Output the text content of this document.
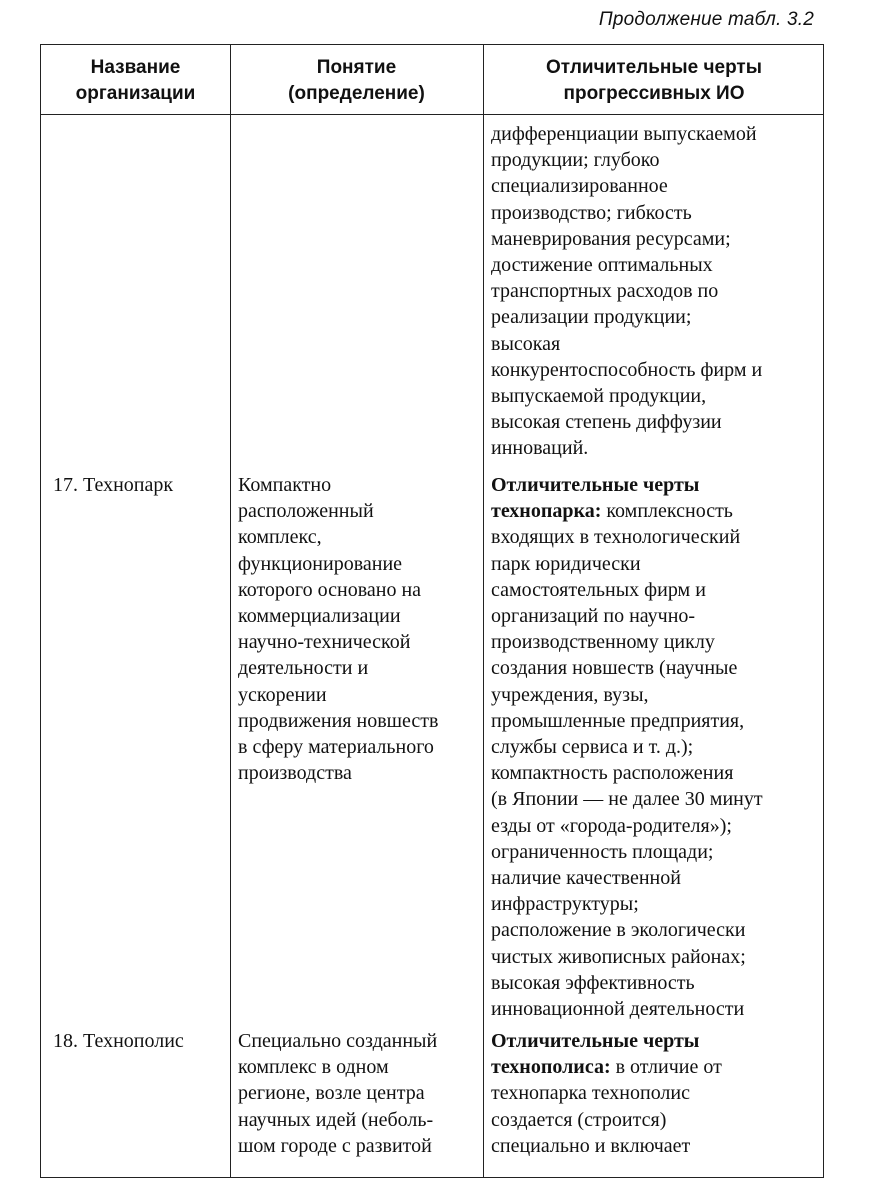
Продолжение табл. 3.2
Название
организации
Понятие
(определение)
Отличительные черты
прогрессивных ИО
дифференциации выпускаемой
продукции; глубоко
специализированное
производство; гибкость
маневрирования ресурсами;
достижение оптимальных
транспортных расходов по
реализации продукции;
высокая
конкурентоспособность фирм и
выпускаемой продукции,
высокая степень диффузии
инноваций.
17. Технопарк	Компактно
расположенный
комплекс,
функционирование
которого основано на
коммерциализации
научно-технической
деятельности и
ускорении
продвижения новшеств
в сферу материального
производства
Отличительные черты
технопарка: комплексность
входящих в технологический
парк юридически
самостоятельных фирм и
организаций по научно-
производственному циклу
создания новшеств (научные
учреждения, вузы,
промышленные предприятия,
службы сервиса и т. д.);
компактность расположения
(в Японии — не далее 30 минут
езды от «города-родителя»);
ограниченность площади;
наличие качественной
инфраструктуры;
расположение в экологически
чистых живописных районах;
высокая эффективность
инновационной деятельности
18. Технополис	Специально созданный
комплекс в одном
регионе, возле центра
научных идей (неболь-
шом городе с развитой
Отличительные черты
технополиса: в отличие от
технопарка технополис
создается (строится)
специально и включает
